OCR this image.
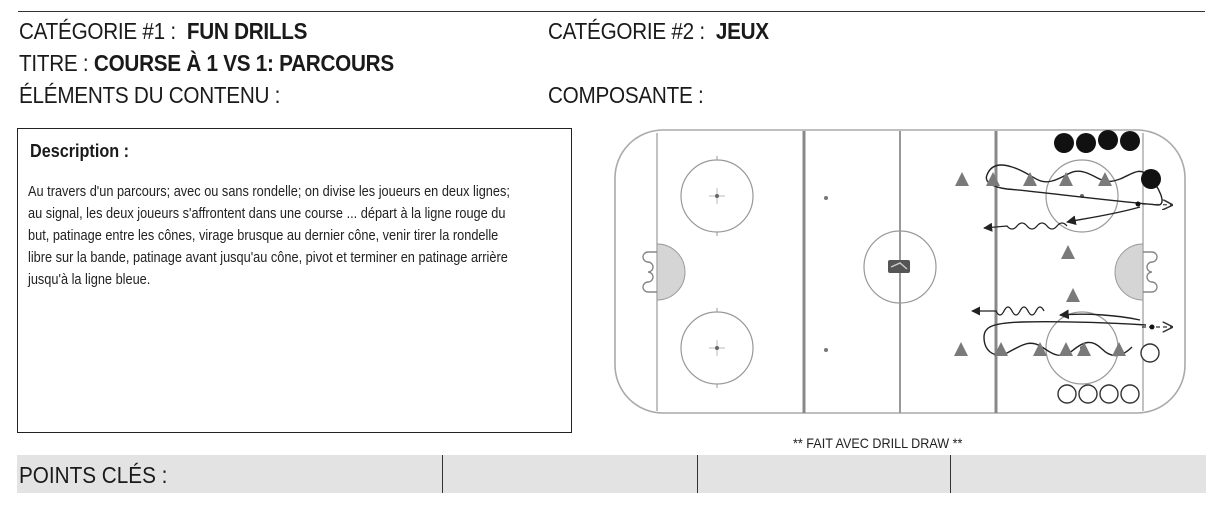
CATÉGORIE #1 : FUN DRILLS	CATÉGORIE #2 : JEUX
TITRE : COURSE À 1 VS 1: PARCOURS
ÉLÉMENTS DU CONTENU :	COMPOSANTE :
Description :
Au travers d'un parcours; avec ou sans rondelle; on divise les joueurs en deux lignes;
au signal, les deux joueurs s'affrontent dans une course ... départ à la ligne rouge du
but, patinage entre les cônes, virage brusque au dernier cône, venir tirer la rondelle
libre sur la bande, patinage avant jusqu'au cône, pivot et terminer en patinage arrière
jusqu'à la ligne bleue.
** FAIT AVEC DRILL DRAW **
POINTS CLÉS :
